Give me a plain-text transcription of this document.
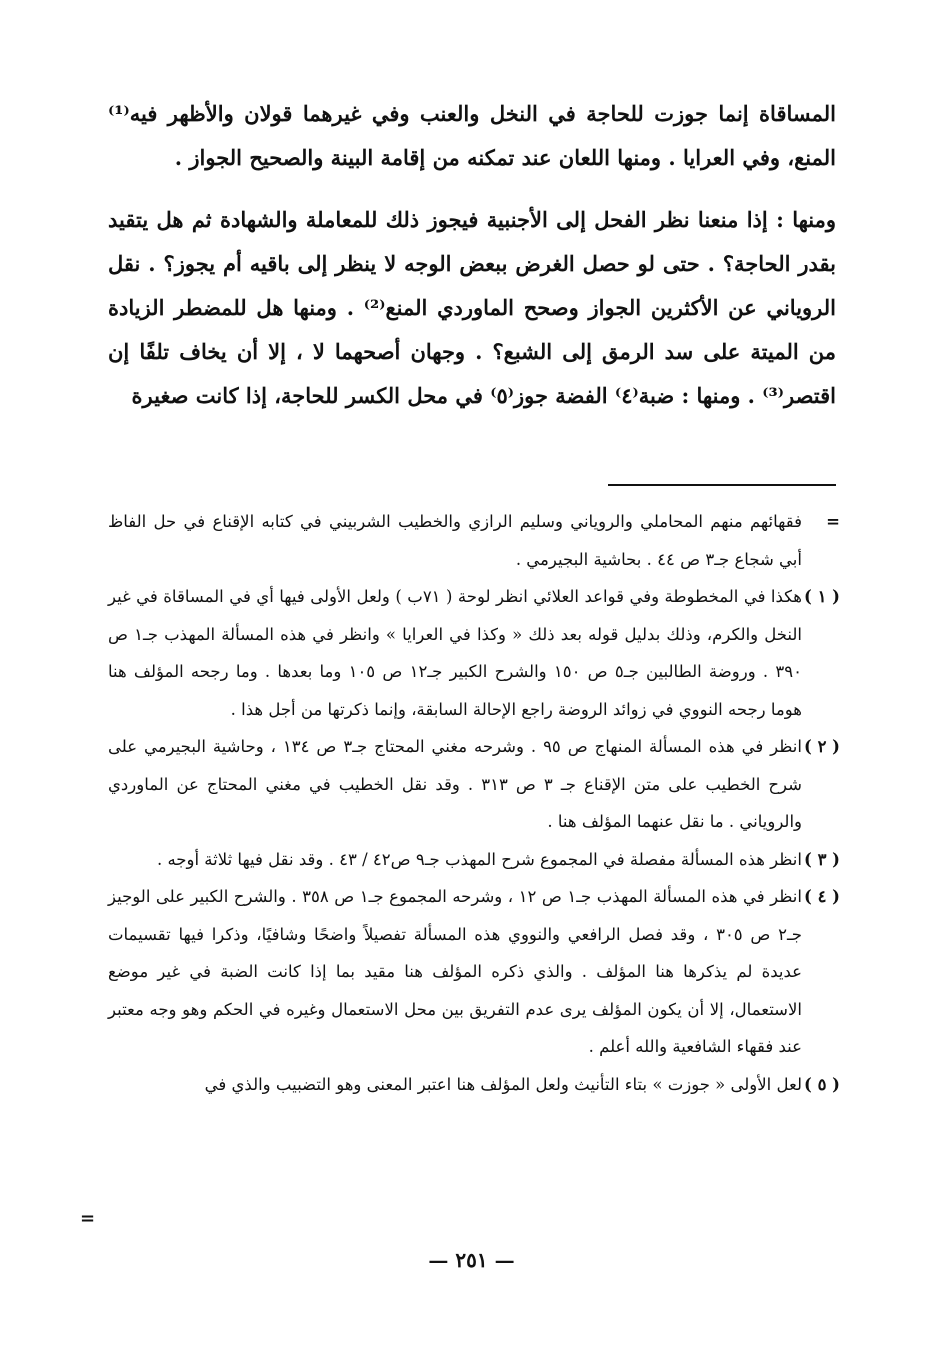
المساقاة إنما جوزت للحاجة في النخل والعنب وفي غيرهما قولان والأظهر فيه⁽¹⁾ المنع، وفي العرايا . ومنها اللعان عند تمكنه من إقامة البينة والصحيح الجواز .

ومنها : إذا منعنا نظر الفحل إلى الأجنبية فيجوز ذلك للمعاملة والشهادة ثم هل يتقيد بقدر الحاجة؟ . حتى لو حصل الغرض ببعض الوجه لا ينظر إلى باقيه أم يجوز؟ . نقل الروياني عن الأكثرين الجواز وصحح الماوردي المنع⁽²⁾ . ومنها هل للمضطر الزيادة من الميتة على سد الرمق إلى الشبع؟ . وجهان أصحهما لا ، إلا أن يخاف تلفًا إن اقتصر⁽³⁾ . ومنها : ضبة⁽٤⁾ الفضة جوز⁽٥⁾ في محل الكسر للحاجة، إذا كانت صغيرة

=
فقهائهم منهم المحاملي والروياني وسليم الرازي والخطيب الشربيني في كتابه الإقناع في حل الفاظ أبي شجاع جـ٣ ص ٤٤ . بحاشية البجيرمي .

( ١ )
هكذا في المخطوطة وفي قواعد العلائي انظر لوحة ( ٧١ب ) ولعل الأولى فيها أي في المساقاة في غير النخل والكرم، وذلك بدليل قوله بعد ذلك « وكذا في العرايا » وانظر في هذه المسألة المهذب جـ١ ص ٣٩٠ . وروضة الطالبين جـ٥ ص ١٥٠ والشرح الكبير جـ١٢ ص ١٠٥ وما بعدها . وما رجحه المؤلف هنا هوما رجحه النووي في زوائد الروضة راجع الإحالة السابقة، وإنما ذكرتها من أجل هذا .

( ٢ )
انظر في هذه المسألة المنهاج ص ٩٥ . وشرحه مغني المحتاج جـ٣ ص ١٣٤ ، وحاشية البجيرمي على شرح الخطيب على متن الإقناع جـ ٣ ص ٣١٣ . وقد نقل الخطيب في مغني المحتاج عن الماوردي والروياني . ما نقل عنهما المؤلف هنا .

( ٣ )
انظر هذه المسألة مفصلة في المجموع شرح المهذب جـ٩ ص٤٢ / ٤٣ . وقد نقل فيها ثلاثة أوجه .

( ٤ )
انظر في هذه المسألة المهذب جـ١ ص ١٢ ، وشرحه المجموع جـ١ ص ٣٥٨ . والشرح الكبير على الوجيز جـ٢ ص ٣٠٥ ، وقد فصل الرافعي والنووي هذه المسألة تفصيلاً واضحًا وشافيًا، وذكرا فيها تقسيمات عديدة لم يذكرها هنا المؤلف . والذي ذكره المؤلف هنا مقيد بما إذا كانت الضبة في غير موضع الاستعمال، إلا أن يكون المؤلف يرى عدم التفريق بين محل الاستعمال وغيره في الحكم وهو وجه معتبر عند فقهاء الشافعية والله أعلم .

( ٥ )
لعل الأولى « جوزت » بتاء التأنيث ولعل المؤلف هنا اعتبر المعنى وهو التضبيب والذي في

=
— ٢٥١ —
